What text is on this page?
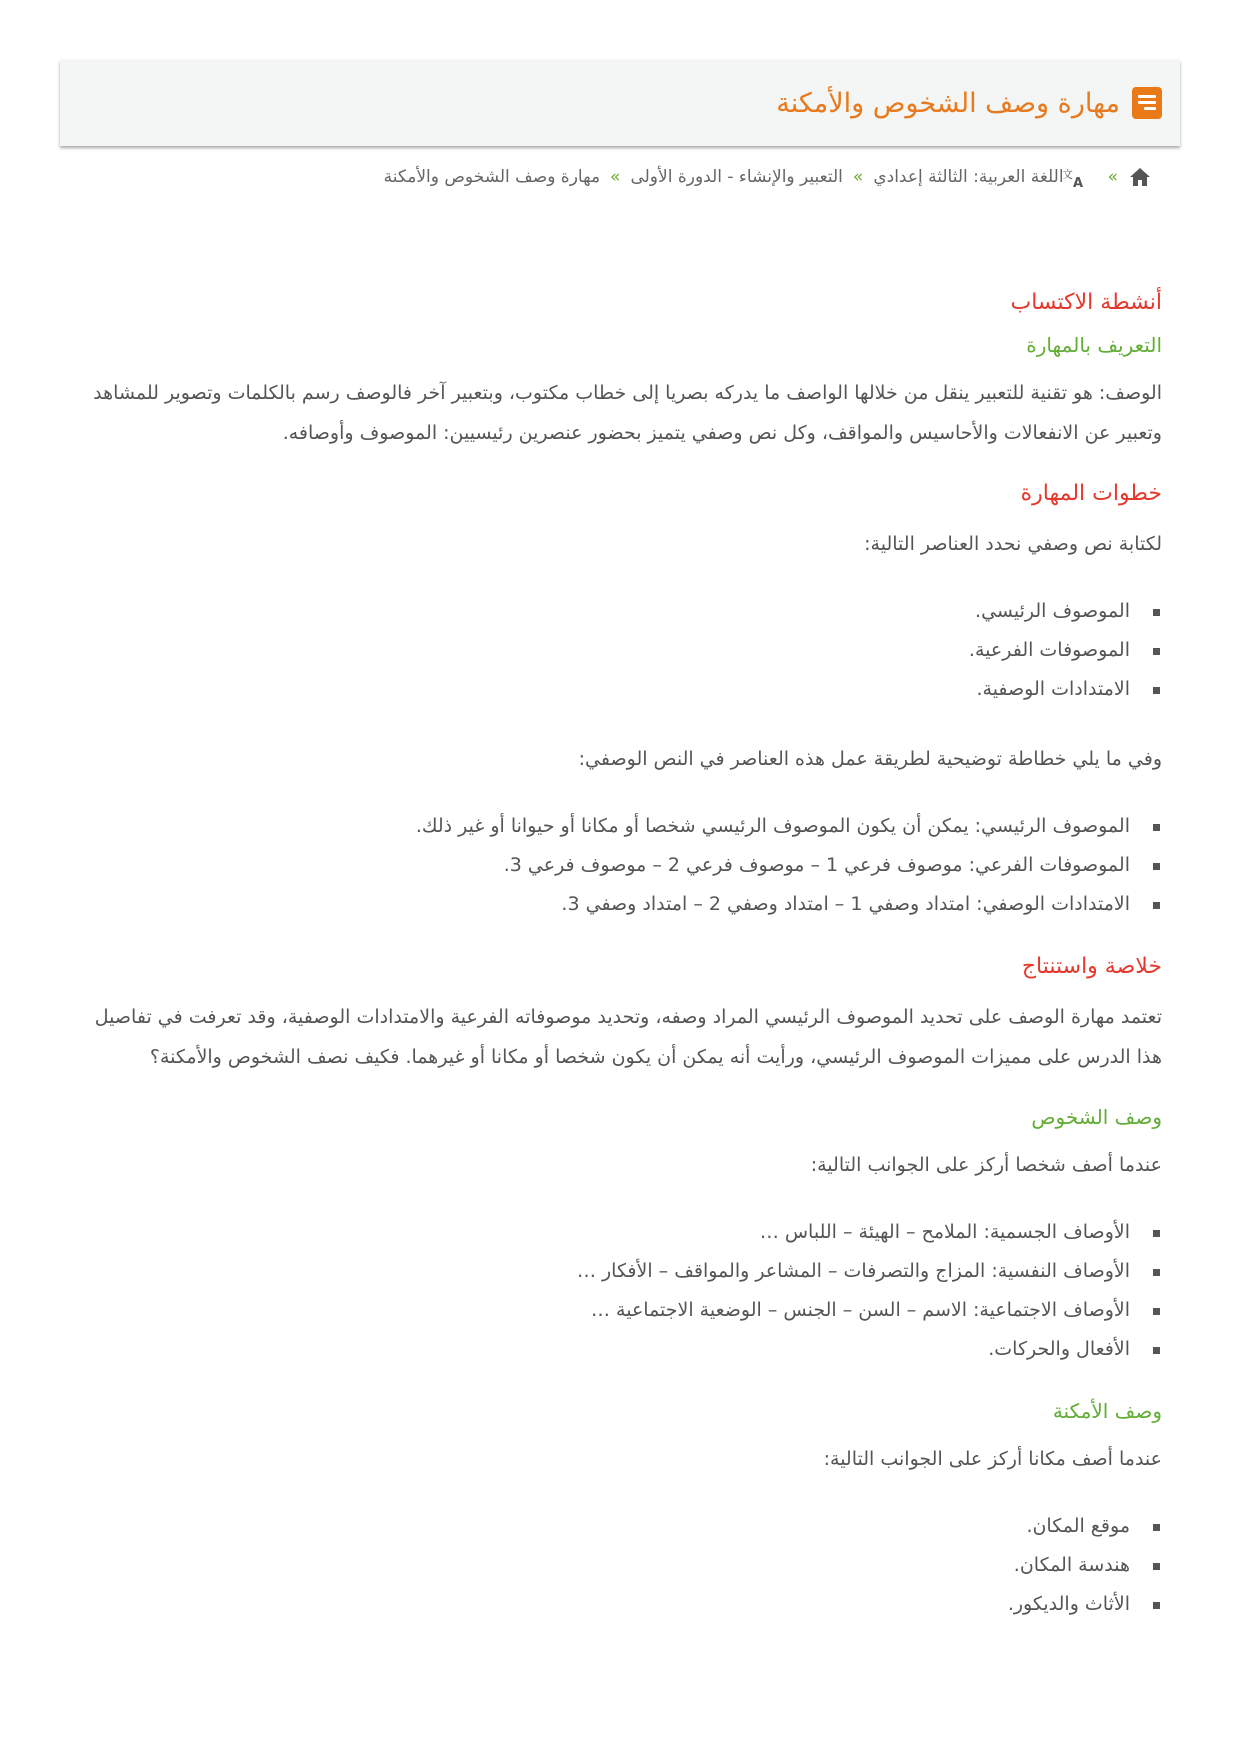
مهارة وصف الشخوص والأمكنة
»
文
A
اللغة العربية: الثالثة إعدادي
»
التعبير والإنشاء - الدورة الأولى
»
مهارة وصف الشخوص والأمكنة
أنشطة الاكتساب
التعريف بالمهارة

الوصف: هو تقنية للتعبير ينقل من خلالها الواصف ما يدركه بصريا إلى خطاب مكتوب، وبتعبير آخر فالوصف رسم بالكلمات وتصوير للمشاهد وتعبير عن الانفعالات والأحاسيس والمواقف، وكل نص وصفي يتميز بحضور عنصرين رئيسيين: الموصوف وأوصافه.

خطوات المهارة

لكتابة نص وصفي نحدد العناصر التالية:

الموصوف الرئيسي.
الموصوفات الفرعية.
الامتدادات الوصفية.

وفي ما يلي خطاطة توضيحية لطريقة عمل هذه العناصر في النص الوصفي:

الموصوف الرئيسي: يمكن أن يكون الموصوف الرئيسي شخصا أو مكانا أو حيوانا أو غير ذلك.
الموصوفات الفرعي: موصوف فرعي 1 – موصوف فرعي 2 – موصوف فرعي 3.
الامتدادات الوصفي: امتداد وصفي 1 – امتداد وصفي 2 – امتداد وصفي 3.
خلاصة واستنتاج

تعتمد مهارة الوصف على تحديد الموصوف الرئيسي المراد وصفه، وتحديد موصوفاته الفرعية والامتدادات الوصفية، وقد تعرفت في تفاصيل هذا الدرس على مميزات الموصوف الرئيسي، ورأيت أنه يمكن أن يكون شخصا أو مكانا أو غيرهما. فكيف نصف الشخوص والأمكنة؟

وصف الشخوص

عندما أصف شخصا أركز على الجوانب التالية:

الأوصاف الجسمية: الملامح – الهيئة – اللباس …
الأوصاف النفسية: المزاج والتصرفات – المشاعر والمواقف – الأفكار …
الأوصاف الاجتماعية: الاسم – السن – الجنس – الوضعية الاجتماعية …
الأفعال والحركات.
وصف الأمكنة

عندما أصف مكانا أركز على الجوانب التالية:

موقع المكان.
هندسة المكان.
الأثاث والديكور.
